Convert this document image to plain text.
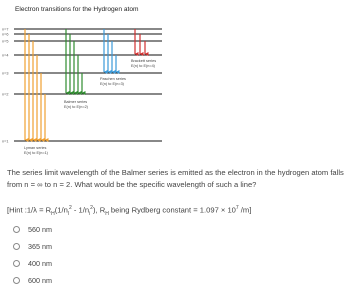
Electron transitions for the Hydrogen atom
n=7
n=6
n=5
n=4
n=3
n=2
n=1
Lyman series
E(n) to E(n=1)
Balmer series
E(n) to E(n=2)
Paschen series
E(n) to E(n=3)
Brackett series
E(n) to E(n=4)
The series limit wavelength of the Balmer series is emitted as the electron in the hydrogen atom falls from n = ∞ to n = 2. What would be the specific wavelength of such a line?
[Hint :1/λ = $R_H(1/n_l^2 - 1/n_i^2)$, $R_H$ being Rydberg constant = $1.097 \times 10^7$ /m]
560 nm
365 nm
400 nm
600 nm
